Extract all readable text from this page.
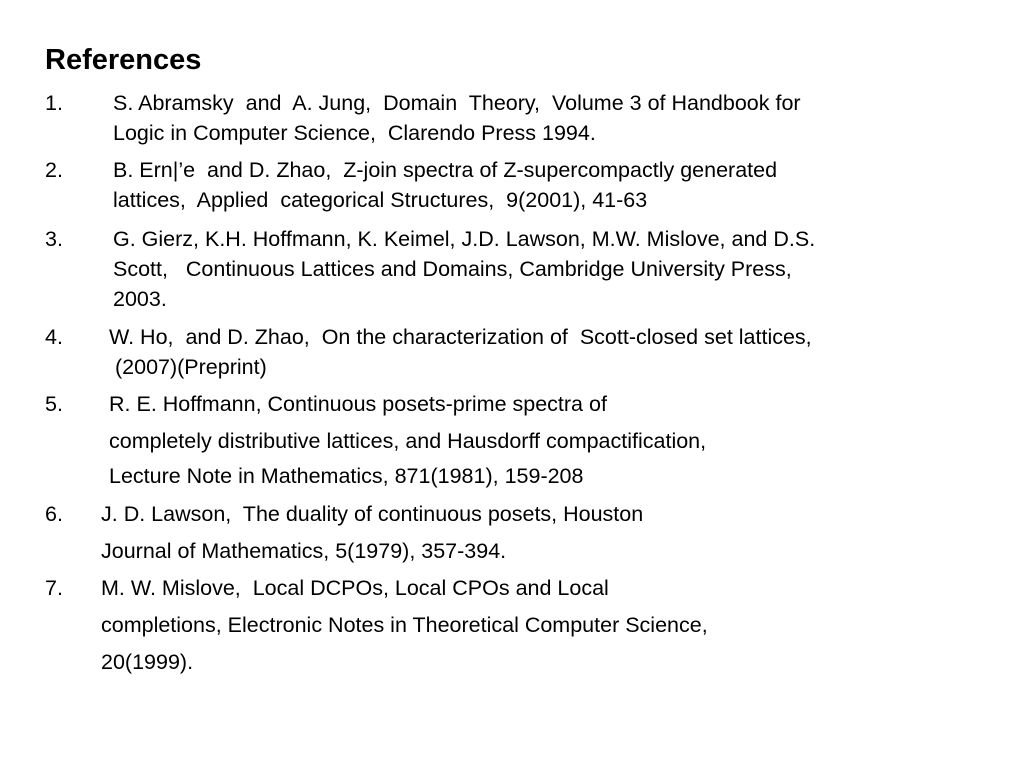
References
1. S. Abramsky  and  A. Jung,  Domain  Theory,  Volume 3 of Handbook for
Logic in Computer Science,  Clarendo Press 1994.
2. B. Ern|’e  and D. Zhao,  Z-join spectra of Z-supercompactly generated
lattices,  Applied  categorical Structures,  9(2001), 41-63
3. G. Gierz, K.H. Hoffmann, K. Keimel, J.D. Lawson, M.W. Mislove, and D.S.
Scott,   Continuous Lattices and Domains, Cambridge University Press,
2003.
4. W. Ho,  and D. Zhao,  On the characterization of  Scott-closed set lattices,
(2007)(Preprint)
5. R. E. Hoffmann, Continuous posets-prime spectra of
completely distributive lattices, and Hausdorff compactification,
Lecture Note in Mathematics, 871(1981), 159-208
6. J. D. Lawson,  The duality of continuous posets, Houston
Journal of Mathematics, 5(1979), 357-394.
7. M. W. Mislove,  Local DCPOs, Local CPOs and Local
completions, Electronic Notes in Theoretical Computer Science,
20(1999).
